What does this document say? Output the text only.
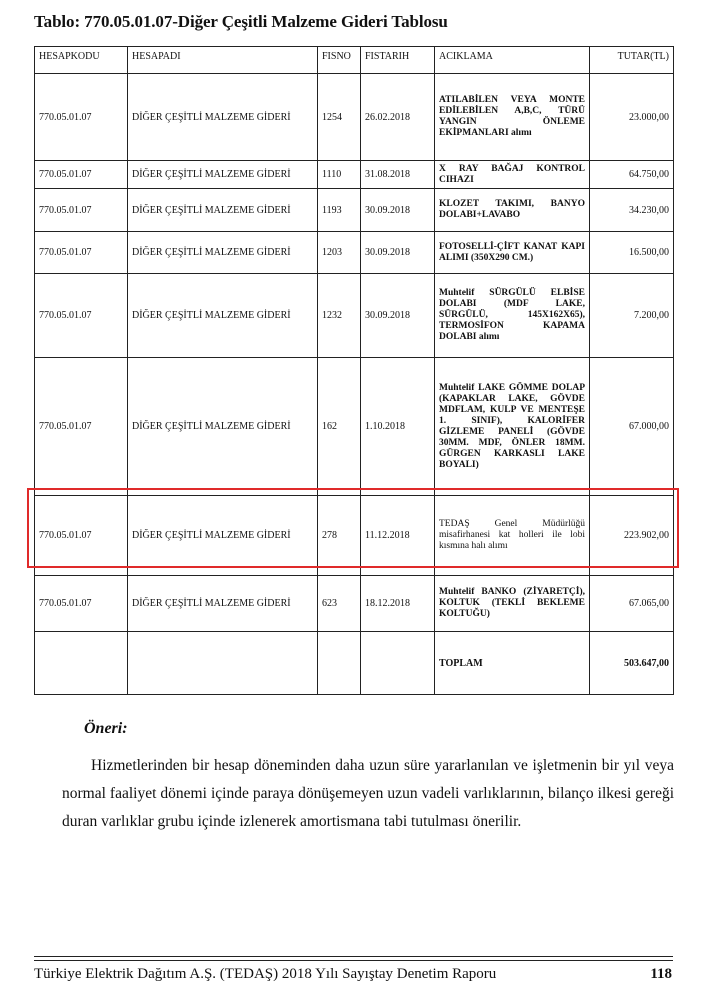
Tablo: 770.05.01.07-Diğer Çeşitli Malzeme Gideri Tablosu
HESAPKODU	HESAPADI	FISNO	FISTARIH	ACIKLAMA	TUTAR(TL)
770.05.01.07	DİĞER ÇEŞİTLİ MALZEME GİDERİ	1254	26.02.2018	ATILABİLEN VEYA MONTE EDİLEBİLEN A,B,C, TÜRÜ YANGIN ÖNLEME EKİPMANLARI alımı	23.000,00
770.05.01.07	DİĞER ÇEŞİTLİ MALZEME GİDERİ	1110	31.08.2018	X RAY BAĞAJ KONTROL CIHAZI	64.750,00
770.05.01.07	DİĞER ÇEŞİTLİ MALZEME GİDERİ	1193	30.09.2018	KLOZET TAKIMI, BANYO DOLABI+LAVABO	34.230,00
770.05.01.07	DİĞER ÇEŞİTLİ MALZEME GİDERİ	1203	30.09.2018	FOTOSELLİ-ÇİFT KANAT KAPI ALIMI (350X290 CM.)	16.500,00
770.05.01.07	DİĞER ÇEŞİTLİ MALZEME GİDERİ	1232	30.09.2018	Muhtelif SÜRGÜLÜ ELBİSE DOLABI (MDF LAKE, SÜRGÜLÜ, 145X162X65), TERMOSİFON KAPAMA DOLABI alımı	7.200,00
770.05.01.07	DİĞER ÇEŞİTLİ MALZEME GİDERİ	162	1.10.2018	Muhtelif LAKE GÖMME DOLAP (KAPAKLAR LAKE, GÖVDE MDFLAM, KULP VE MENTEŞE 1. SINIF), KALORİFER GİZLEME PANELİ (GÖVDE 30MM. MDF, ÖNLER 18MM. GÜRGEN KARKASLI LAKE BOYALI)	67.000,00
770.05.01.07	DİĞER ÇEŞİTLİ MALZEME GİDERİ	278	11.12.2018	TEDAŞ Genel Müdürlüğü misafirhanesi kat holleri ile lobi kısmına halı alımı	223.902,00
770.05.01.07	DİĞER ÇEŞİTLİ MALZEME GİDERİ	623	18.12.2018	Muhtelif BANKO (ZİYARETÇİ), KOLTUK (TEKLİ BEKLEME KOLTUĞU)	67.065,00
				TOPLAM	503.647,00
Öneri:
Hizmetlerinden bir hesap döneminden daha uzun süre yararlanılan ve işletmenin bir yıl veya normal faaliyet dönemi içinde paraya dönüşemeyen uzun vadeli varlıklarının, bilanço ilkesi gereği duran varlıklar grubu içinde izlenerek amortismana tabi tutulması önerilir.
Türkiye Elektrik Dağıtım A.Ş. (TEDAŞ) 2018 Yılı Sayıştay Denetim Raporu	118
